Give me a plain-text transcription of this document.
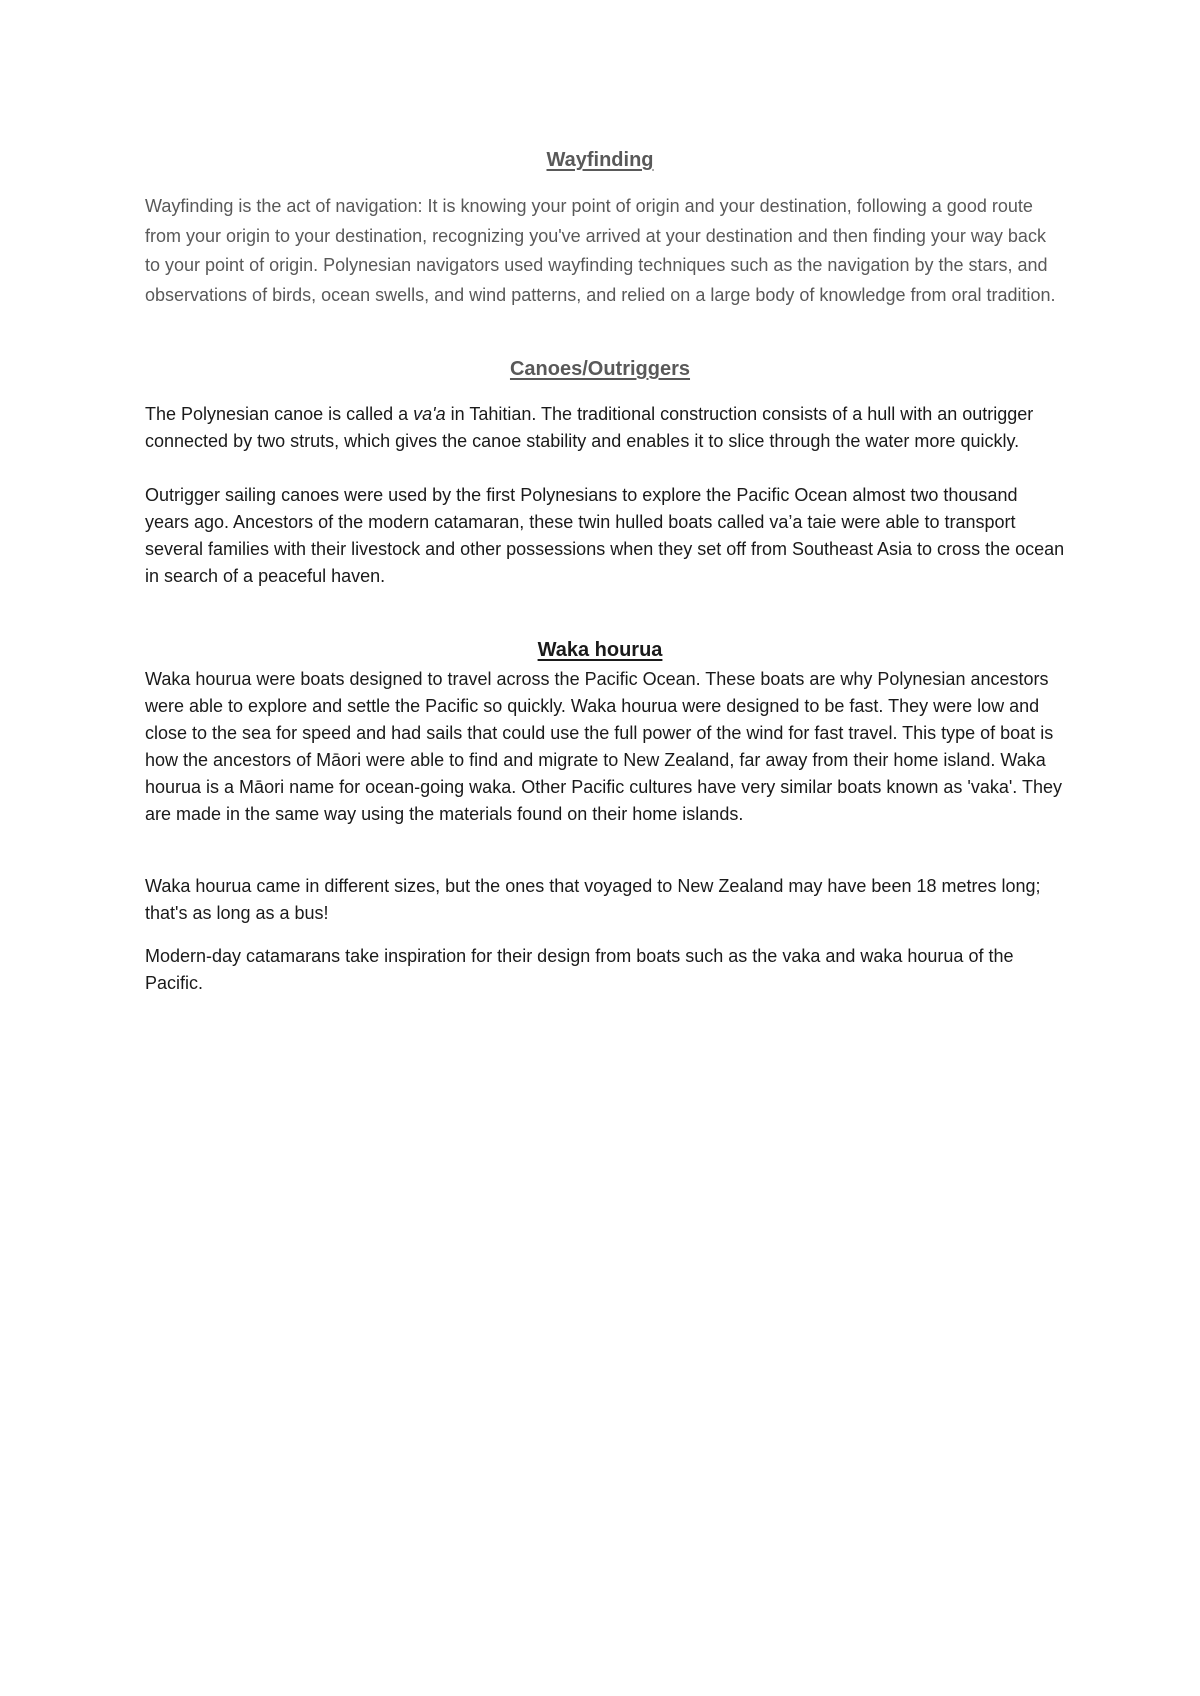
Wayfinding

Wayfinding is the act of navigation: It is knowing your point of origin and your destination, following a good route from your origin to your destination, recognizing you've arrived at your destination and then finding your way back to your point of origin. Polynesian navigators used wayfinding techniques such as the navigation by the stars, and observations of birds, ocean swells, and wind patterns, and relied on a large body of knowledge from oral tradition.

Canoes/Outriggers

The Polynesian canoe is called a va'a in Tahitian. The traditional construction consists of a hull with an outrigger connected by two struts, which gives the canoe stability and enables it to slice through the water more quickly.

Outrigger sailing canoes were used by the first Polynesians to explore the Pacific Ocean almost two thousand years ago. Ancestors of the modern catamaran, these twin hulled boats called va’a taie were able to transport several families with their livestock and other possessions when they set off from Southeast Asia to cross the ocean in search of a peaceful haven.

Waka hourua

Waka hourua were boats designed to travel across the Pacific Ocean. These boats are why Polynesian ancestors were able to explore and settle the Pacific so quickly. Waka hourua were designed to be fast. They were low and close to the sea for speed and had sails that could use the full power of the wind for fast travel. This type of boat is how the ancestors of Māori were able to find and migrate to New Zealand, far away from their home island. Waka hourua is a Māori name for ocean-going waka. Other Pacific cultures have very similar boats known as 'vaka'. They are made in the same way using the materials found on their home islands.

Waka hourua came in different sizes, but the ones that voyaged to New Zealand may have been 18 metres long; that's as long as a bus!

Modern-day catamarans take inspiration for their design from boats such as the vaka and waka hourua of the Pacific.
